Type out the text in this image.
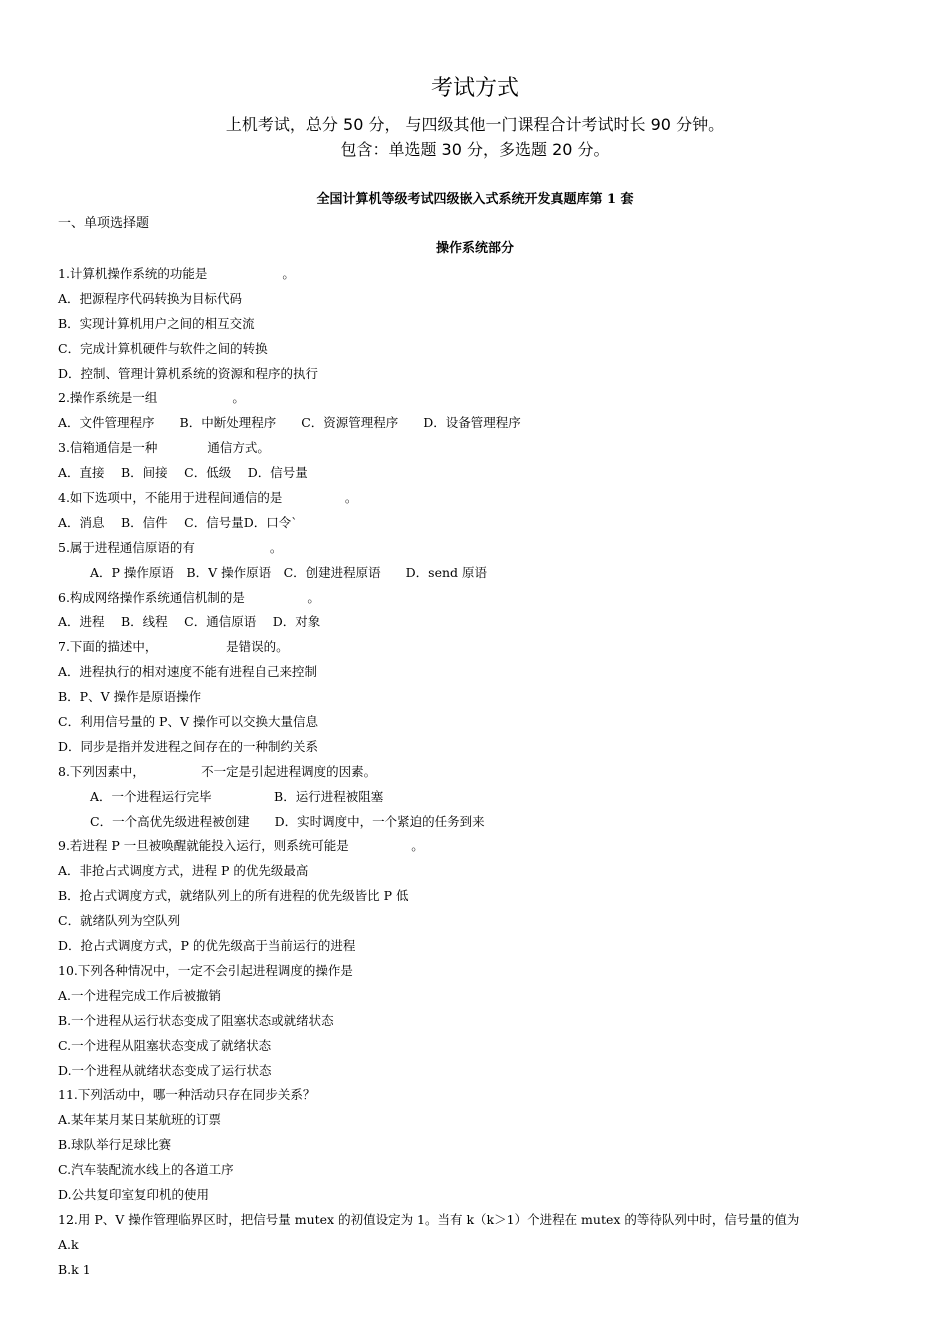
考试方式
上机考试，总分 50 分， 与四级其他一门课程合计考试时长 90 分钟。
包含：单选题 30 分，多选题 20 分。
全国计算机等级考试四级嵌入式系统开发真题库第 1 套
一、单项选择题
操作系统部分
1.计算机操作系统的功能是　　　　　　。
A．把源程序代码转换为目标代码
B．实现计算机用户之间的相互交流
C．完成计算机硬件与软件之间的转换
D．控制、管理计算机系统的资源和程序的执行
2.操作系统是一组　　　　　　。
A．文件管理程序　　B．中断处理程序　　C．资源管理程序　　D．设备管理程序
3.信箱通信是一种　　　　通信方式。
A．直接　 B．间接　 C．低级　 D．信号量
4.如下选项中，不能用于进程间通信的是　　　　　。
A．消息　 B．信件　 C．信号量D．口令`
5.属于进程通信原语的有　　　　　　。
A．P 操作原语　B．V 操作原语　C．创建进程原语　　D．send 原语
6.构成网络操作系统通信机制的是　　　　　。
A．进程　 B．线程　 C．通信原语　 D．对象
7.下面的描述中，　　　　　　是错误的。
A．进程执行的相对速度不能有进程自己来控制
B．P、V 操作是原语操作
C．利用信号量的 P、V 操作可以交换大量信息
D．同步是指并发进程之间存在的一种制约关系
8.下列因素中，　　　　　不一定是引起进程调度的因素。
A．一个进程运行完毕　　　　　B．运行进程被阻塞
C．一个高优先级进程被创建　　D．实时调度中，一个紧迫的任务到来
9.若进程 P 一旦被唤醒就能投入运行，则系统可能是　　　　　。
A．非抢占式调度方式，进程 P 的优先级最高
B．抢占式调度方式，就绪队列上的所有进程的优先级皆比 P 低
C．就绪队列为空队列
D．抢占式调度方式，P 的优先级高于当前运行的进程
10.下列各种情况中，一定不会引起进程调度的操作是
A.一个进程完成工作后被撤销
B.一个进程从运行状态变成了阻塞状态或就绪状态
C.一个进程从阻塞状态变成了就绪状态
D.一个进程从就绪状态变成了运行状态
11.下列活动中，哪一种活动只存在同步关系？
A.某年某月某日某航班的订票
B.球队举行足球比赛
C.汽车装配流水线上的各道工序
D.公共复印室复印机的使用
12.用 P、V 操作管理临界区时，把信号量 mutex 的初值设定为 1。当有 k（k＞1）个进程在 mutex 的等待队列中时，信号量的值为
A.k
B.k 1
